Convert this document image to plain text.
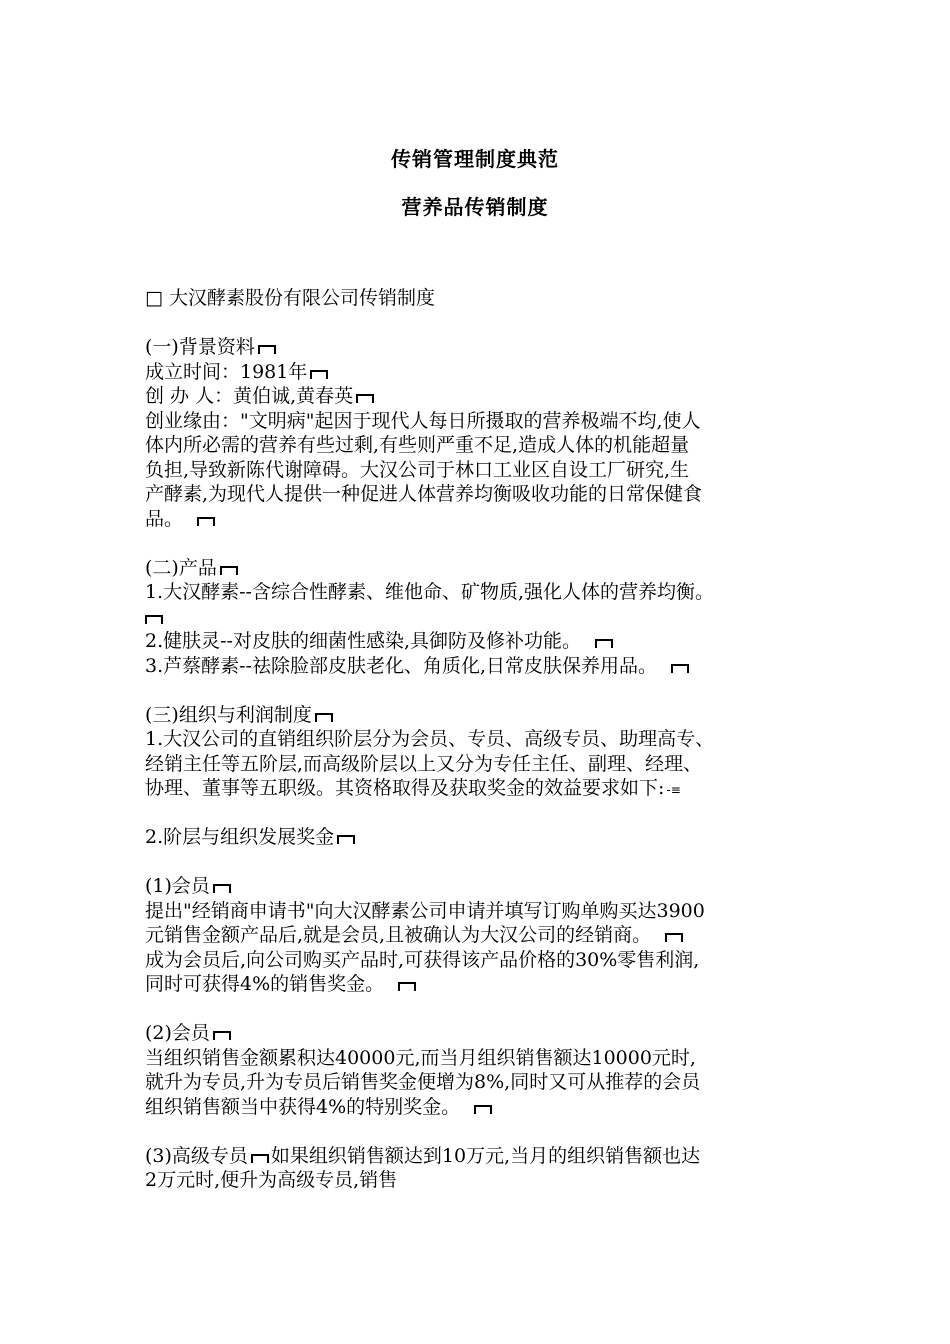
传销管理制度典范
营养品传销制度
□ 大汉酵素股份有限公司传销制度
(一)背景资料
成立时间：1981年
创 办 人：黄伯诚,黄春英
创业缘由："文明病"起因于现代人每日所摄取的营养极端不均,使人
体内所必需的营养有些过剩,有些则严重不足,造成人体的机能超量
负担,导致新陈代谢障碍。大汉公司于林口工业区自设工厂研究,生
产酵素,为现代人提供一种促进人体营养均衡吸收功能的日常保健食
品。
(二)产品
1.大汉酵素--含综合性酵素、维他命、矿物质,强化人体的营养均衡。
2.健肤灵--对皮肤的细菌性感染,具御防及修补功能。
3.芦蔡酵素--祛除脸部皮肤老化、角质化,日常皮肤保养用品。
(三)组织与利润制度
1.大汉公司的直销组织阶层分为会员、专员、高级专员、助理高专、
经销主任等五阶层,而高级阶层以上又分为专任主任、副理、经理、
协理、董事等五职级。其资格取得及获取奖金的效益要求如下: -≡
2.阶层与组织发展奖金
(1)会员
提出"经销商申请书"向大汉酵素公司申请并填写订购单购买达3900
元销售金额产品后,就是会员,且被确认为大汉公司的经销商。
成为会员后,向公司购买产品时,可获得该产品价格的30%零售利润,
同时可获得4%的销售奖金。
(2)会员
当组织销售金额累积达40000元,而当月组织销售额达10000元时,
就升为专员,升为专员后销售奖金便增为8%,同时又可从推荐的会员
组织销售额当中获得4%的特别奖金。
(3)高级专员 如果组织销售额达到10万元,当月的组织销售额也达
2万元时,便升为高级专员,销售
